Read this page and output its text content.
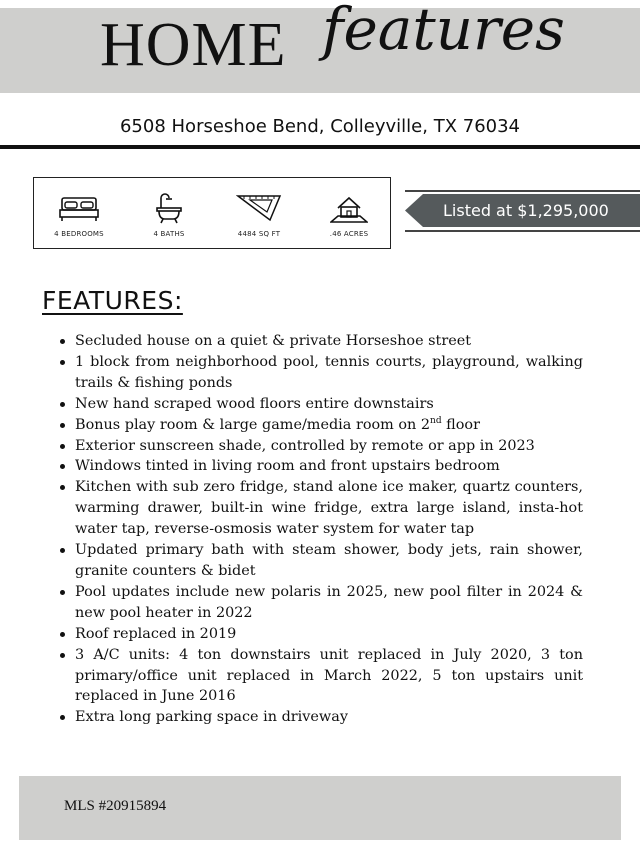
HOME features
6508 Horseshoe Bend, Colleyville, TX 76034
4 BEDROOMS	4 BATHS	4484 SQ FT	.46 ACRES
Listed at $1,295,000
FEATURES:
Secluded house on a quiet & private Horseshoe street
1 block from neighborhood pool, tennis courts, playground, walking trails & fishing ponds
New hand scraped wood floors entire downstairs
Bonus play room & large game/media room on 2nd floor
Exterior sunscreen shade, controlled by remote or app in 2023
Windows tinted in living room and front upstairs bedroom
Kitchen with sub zero fridge, stand alone ice maker, quartz counters, warming drawer, built-in wine fridge, extra large island, insta-hot water tap, reverse-osmosis water system for water tap
Updated primary bath with steam shower, body jets, rain shower, granite counters & bidet
Pool updates include new polaris in 2025, new pool filter in 2024 & new pool heater in 2022
Roof replaced in 2019
3 A/C units: 4 ton downstairs unit replaced in July 2020, 3 ton primary/office unit replaced in March 2022, 5 ton upstairs unit replaced in June 2016
Extra long parking space in driveway
MLS #20915894
